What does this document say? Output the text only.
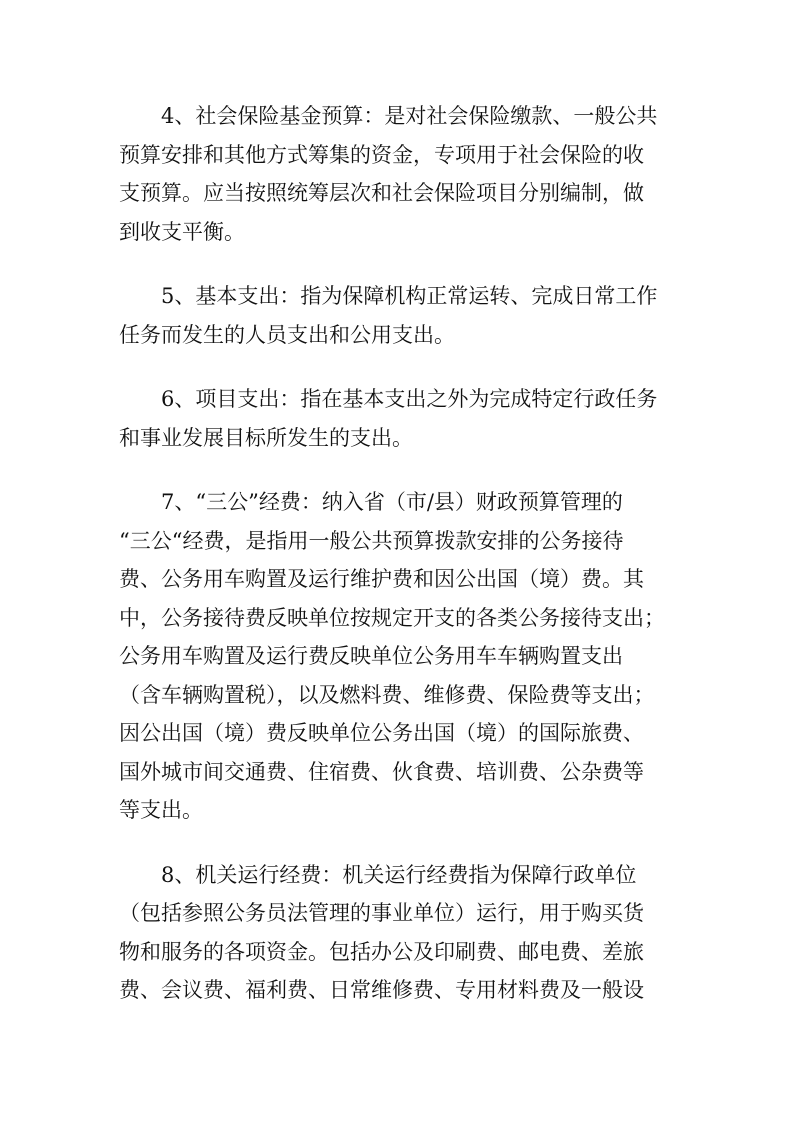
4、社会保险基金预算：是对社会保险缴款、一般公共
预算安排和其他方式筹集的资金，专项用于社会保险的收
支预算。应当按照统筹层次和社会保险项目分别编制，做
到收支平衡。
5、基本支出：指为保障机构正常运转、完成日常工作
任务而发生的人员支出和公用支出。
6、项目支出：指在基本支出之外为完成特定行政任务
和事业发展目标所发生的支出。
7、“三公”经费：纳入省（市/县）财政预算管理的
“三公“经费，是指用一般公共预算拨款安排的公务接待
费、公务用车购置及运行维护费和因公出国（境）费。其
中，公务接待费反映单位按规定开支的各类公务接待支出；
公务用车购置及运行费反映单位公务用车车辆购置支出
（含车辆购置税），以及燃料费、维修费、保险费等支出；
因公出国（境）费反映单位公务出国（境）的国际旅费、
国外城市间交通费、住宿费、伙食费、培训费、公杂费等
等支出。
8、机关运行经费：机关运行经费指为保障行政单位
（包括参照公务员法管理的事业单位）运行，用于购买货
物和服务的各项资金。包括办公及印刷费、邮电费、差旅
费、会议费、福利费、日常维修费、专用材料费及一般设
